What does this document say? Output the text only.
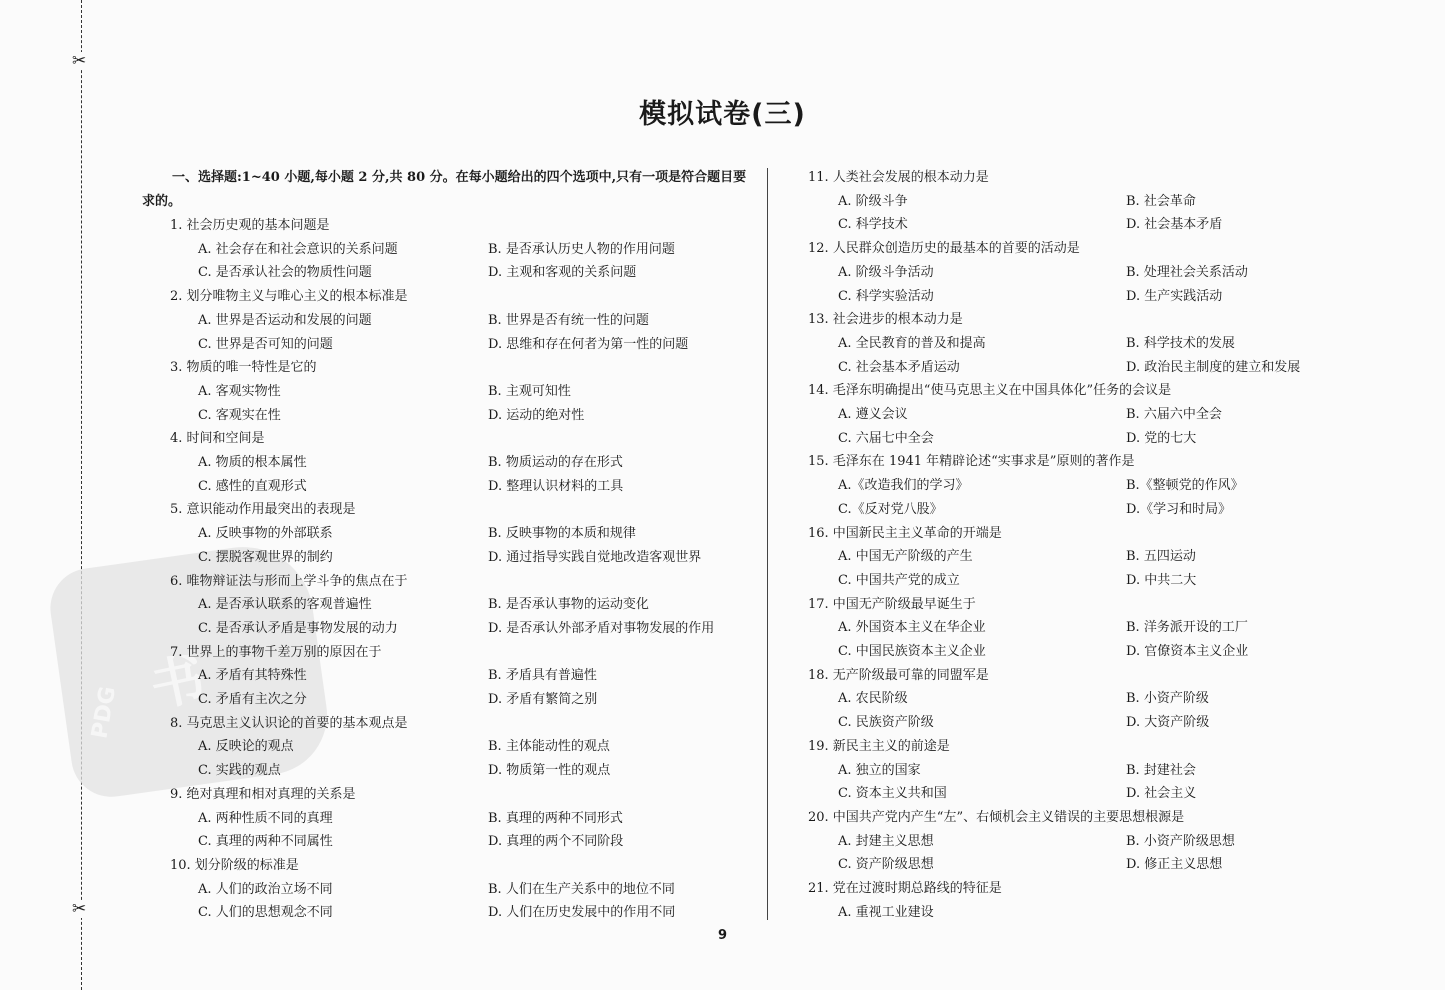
✂
✂
书
PDG
模拟试卷(三)
一、选择题:1~40 小题,每小题 2 分,共 80 分。在每小题给出的四个选项中,只有一项是符合题目要求的。
1. 社会历史观的基本问题是
A. 社会存在和社会意识的关系问题	B. 是否承认历史人物的作用问题
C. 是否承认社会的物质性问题	D. 主观和客观的关系问题
2. 划分唯物主义与唯心主义的根本标准是
A. 世界是否运动和发展的问题	B. 世界是否有统一性的问题
C. 世界是否可知的问题	D. 思维和存在何者为第一性的问题
3. 物质的唯一特性是它的
A. 客观实物性	B. 主观可知性
C. 客观实在性	D. 运动的绝对性
4. 时间和空间是
A. 物质的根本属性	B. 物质运动的存在形式
C. 感性的直观形式	D. 整理认识材料的工具
5. 意识能动作用最突出的表现是
A. 反映事物的外部联系	B. 反映事物的本质和规律
C. 摆脱客观世界的制约	D. 通过指导实践自觉地改造客观世界
6. 唯物辩证法与形而上学斗争的焦点在于
A. 是否承认联系的客观普遍性	B. 是否承认事物的运动变化
C. 是否承认矛盾是事物发展的动力	D. 是否承认外部矛盾对事物发展的作用
7. 世界上的事物千差万别的原因在于
A. 矛盾有其特殊性	B. 矛盾具有普遍性
C. 矛盾有主次之分	D. 矛盾有繁简之别
8. 马克思主义认识论的首要的基本观点是
A. 反映论的观点	B. 主体能动性的观点
C. 实践的观点	D. 物质第一性的观点
9. 绝对真理和相对真理的关系是
A. 两种性质不同的真理	B. 真理的两种不同形式
C. 真理的两种不同属性	D. 真理的两个不同阶段
10. 划分阶级的标准是
A. 人们的政治立场不同	B. 人们在生产关系中的地位不同
C. 人们的思想观念不同	D. 人们在历史发展中的作用不同
11. 人类社会发展的根本动力是
A. 阶级斗争	B. 社会革命
C. 科学技术	D. 社会基本矛盾
12. 人民群众创造历史的最基本的首要的活动是
A. 阶级斗争活动	B. 处理社会关系活动
C. 科学实验活动	D. 生产实践活动
13. 社会进步的根本动力是
A. 全民教育的普及和提高	B. 科学技术的发展
C. 社会基本矛盾运动	D. 政治民主制度的建立和发展
14. 毛泽东明确提出“使马克思主义在中国具体化”任务的会议是
A. 遵义会议	B. 六届六中全会
C. 六届七中全会	D. 党的七大
15. 毛泽东在 1941 年精辟论述“实事求是”原则的著作是
A.《改造我们的学习》	B.《整顿党的作风》
C.《反对党八股》	D.《学习和时局》
16. 中国新民主主义革命的开端是
A. 中国无产阶级的产生	B. 五四运动
C. 中国共产党的成立	D. 中共二大
17. 中国无产阶级最早诞生于
A. 外国资本主义在华企业	B. 洋务派开设的工厂
C. 中国民族资本主义企业	D. 官僚资本主义企业
18. 无产阶级最可靠的同盟军是
A. 农民阶级	B. 小资产阶级
C. 民族资产阶级	D. 大资产阶级
19. 新民主主义的前途是
A. 独立的国家	B. 封建社会
C. 资本主义共和国	D. 社会主义
20. 中国共产党内产生“左”、右倾机会主义错误的主要思想根源是
A. 封建主义思想	B. 小资产阶级思想
C. 资产阶级思想	D. 修正主义思想
21. 党在过渡时期总路线的特征是
A. 重视工业建设
9
